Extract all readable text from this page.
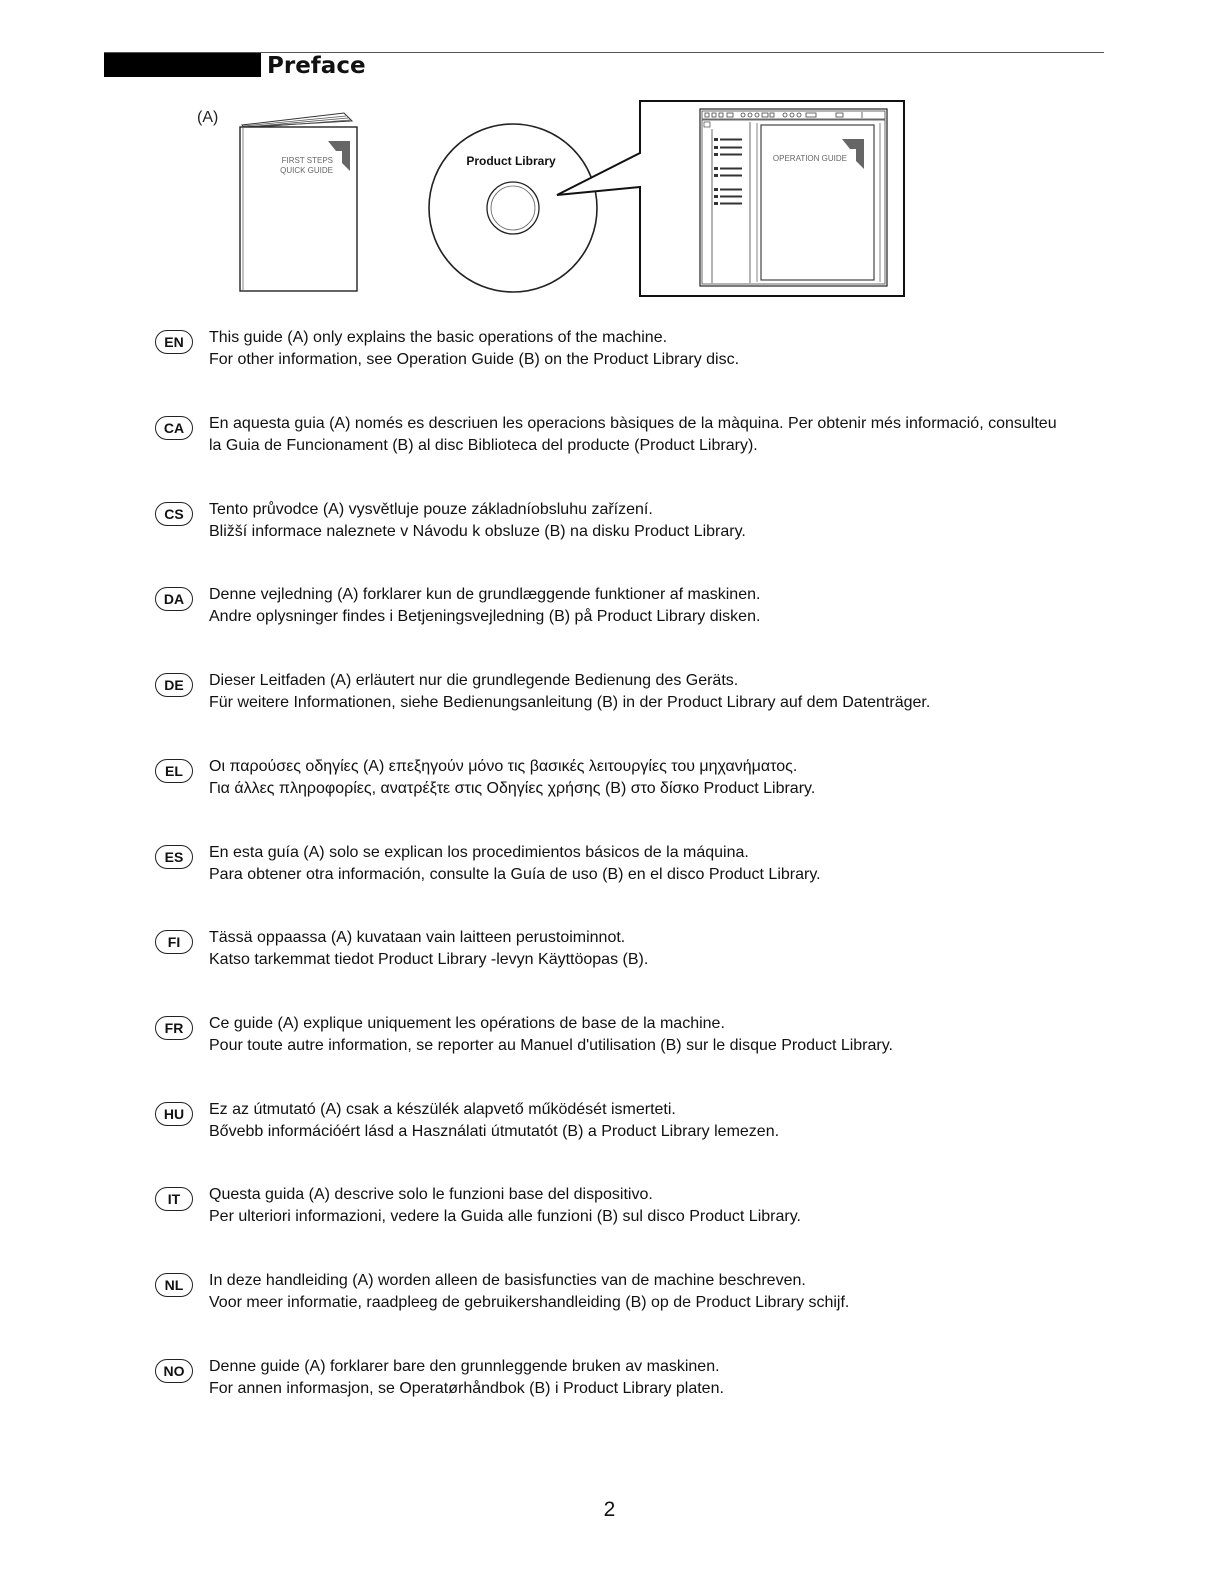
Preface
(A)
FIRST STEPS
QUICK GUIDE
Product Library	OPERATION GUIDE
EN	This guide (A) only explains the basic operations of the machine.

For other information, see Operation Guide (B) on the Product Library disc.

CA	En aquesta guia (A) només es descriuen les operacions bàsiques de la màquina. Per obtenir més informació, consulteu

la Guia de Funcionament (B) al disc Biblioteca del producte (Product Library).

CS	Tento průvodce (A) vysvětluje pouze základníobsluhu zařízení.

Bližší informace naleznete v Návodu k obsluze (B) na disku Product Library.

DA	Denne vejledning (A) forklarer kun de grundlæggende funktioner af maskinen.

Andre oplysninger findes i Betjeningsvejledning (B) på Product Library disken.

DE	Dieser Leitfaden (A) erläutert nur die grundlegende Bedienung des Geräts.

Für weitere Informationen, siehe Bedienungsanleitung (B) in der Product Library auf dem Datenträger.

EL	Οι παρούσες οδηγίες (A) επεξηγούν μόνο τις βασικές λειτουργίες του μηχανήματος.

Για άλλες πληροφορίες, ανατρέξτε στις Οδηγίες χρήσης (B) στο δίσκο Product Library.

ES	En esta guía (A) solo se explican los procedimientos básicos de la máquina.

Para obtener otra información, consulte la Guía de uso (B) en el disco Product Library.

FI	Tässä oppaassa (A) kuvataan vain laitteen perustoiminnot.

Katso tarkemmat tiedot Product Library -levyn Käyttöopas (B).

FR	Ce guide (A) explique uniquement les opérations de base de la machine.

Pour toute autre information, se reporter au Manuel d'utilisation (B) sur le disque Product Library.

HU	Ez az útmutató (A) csak a készülék alapvető működését ismerteti.

Bővebb információért lásd a Használati útmutatót (B) a Product Library lemezen.

IT	Questa guida (A) descrive solo le funzioni base del dispositivo.

Per ulteriori informazioni, vedere la Guida alle funzioni (B) sul disco Product Library.

NL	In deze handleiding (A) worden alleen de basisfuncties van de machine beschreven.

Voor meer informatie, raadpleeg de gebruikershandleiding (B) op de Product Library schijf.

NO	Denne guide (A) forklarer bare den grunnleggende bruken av maskinen.

For annen informasjon, se Operatørhåndbok (B) i Product Library platen.

2
